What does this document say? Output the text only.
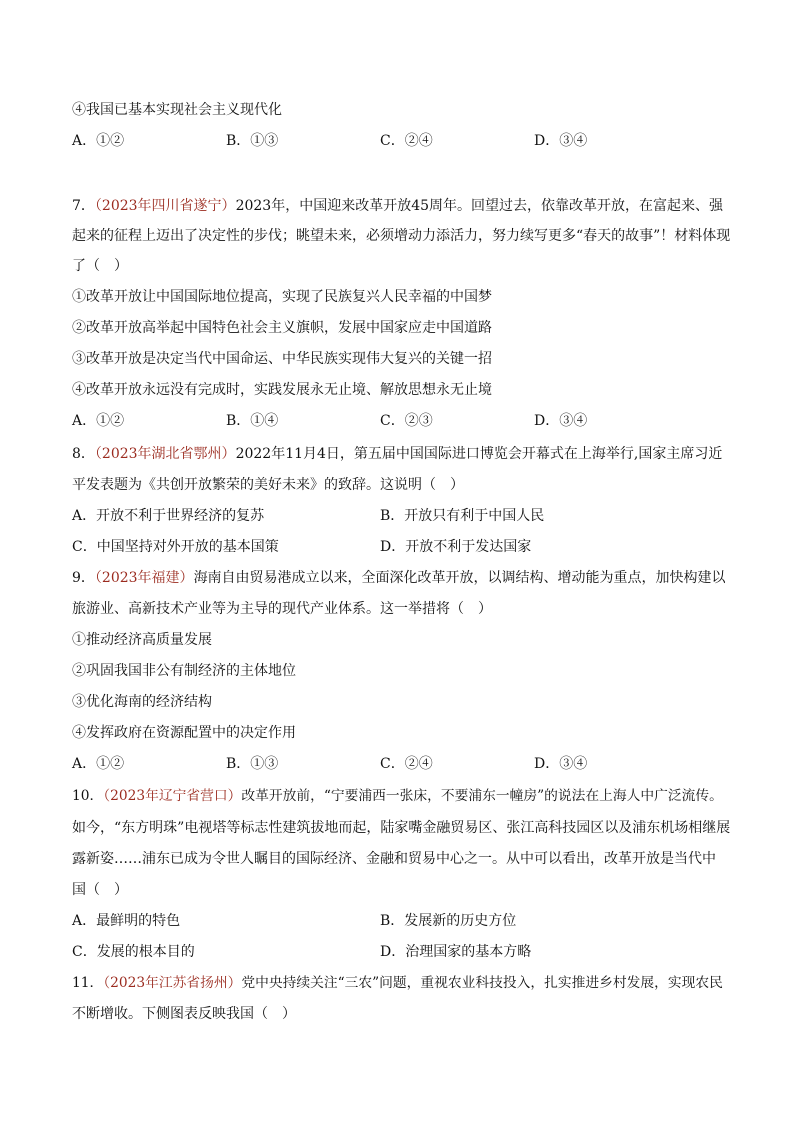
④我国已基本实现社会主义现代化
A．①②	B．①③	C．②④	D．③④
7．（2023年四川省遂宁）2023年，中国迎来改革开放45周年。回望过去，依靠改革开放，在富起来、强
起来的征程上迈出了决定性的步伐；眺望未来，必须增动力添活力，努力续写更多“春天的故事”！材料体现
了（　）
①改革开放让中国国际地位提高，实现了民族复兴人民幸福的中国梦
②改革开放高举起中国特色社会主义旗帜，发展中国家应走中国道路
③改革开放是决定当代中国命运、中华民族实现伟大复兴的关键一招
④改革开放永远没有完成时，实践发展永无止境、解放思想永无止境
A．①②	B．①④	C．②③	D．③④
8．（2023年湖北省鄂州）2022年11月4日，第五届中国国际进口博览会开幕式在上海举行,国家主席习近
平发表题为《共创开放繁荣的美好未来》的致辞。这说明（　）
A．开放不利于世界经济的复苏	B．开放只有利于中国人民
C．中国坚持对外开放的基本国策	D．开放不利于发达国家
9．（2023年福建）海南自由贸易港成立以来，全面深化改革开放，以调结构、增动能为重点，加快构建以
旅游业、高新技术产业等为主导的现代产业体系。这一举措将（　）
①推动经济高质量发展
②巩固我国非公有制经济的主体地位
③优化海南的经济结构
④发挥政府在资源配置中的决定作用
A．①②	B．①③	C．②④	D．③④
10．（2023年辽宁省营口）改革开放前，“宁要浦西一张床，不要浦东一幢房”的说法在上海人中广泛流传。
如今，“东方明珠”电视塔等标志性建筑拔地而起，陆家嘴金融贸易区、张江高科技园区以及浦东机场相继展
露新姿……浦东已成为令世人瞩目的国际经济、金融和贸易中心之一。从中可以看出，改革开放是当代中
国（　）
A．最鲜明的特色	B．发展新的历史方位
C．发展的根本目的	D．治理国家的基本方略
11．（2023年江苏省扬州）党中央持续关注“三农”问题，重视农业科技投入，扎实推进乡村发展，实现农民
不断增收。下侧图表反映我国（　）
